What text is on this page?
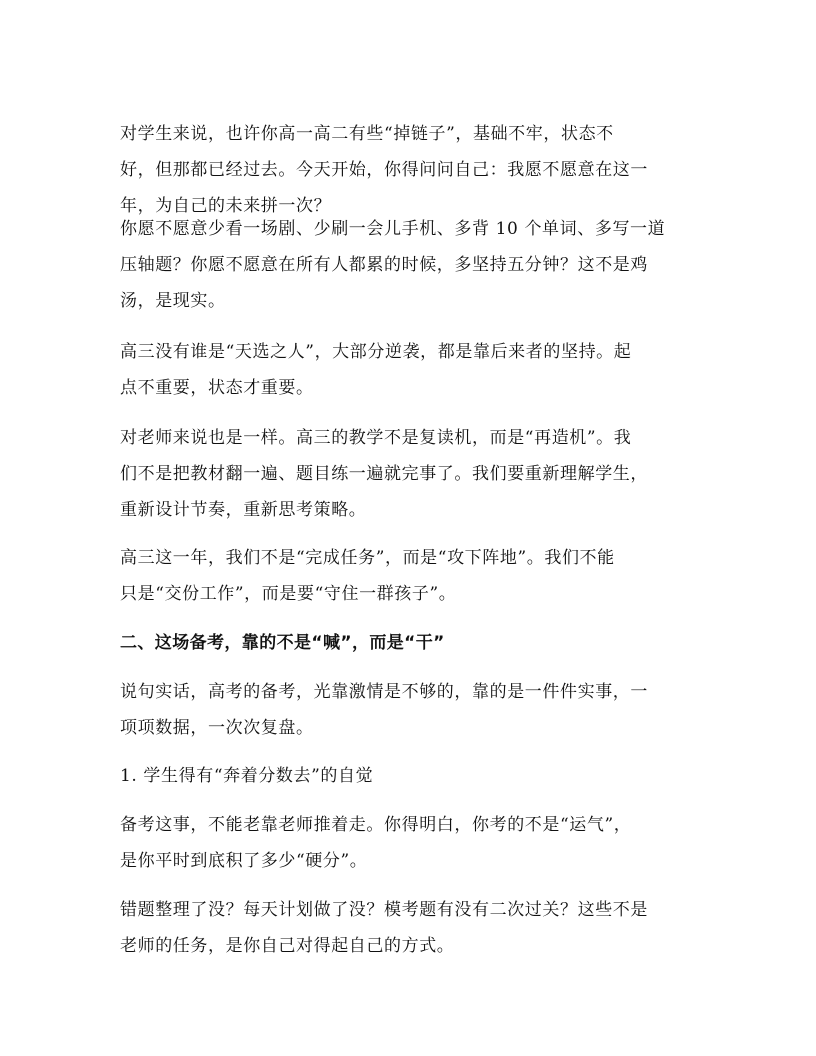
对学生来说，也许你高一高二有些“掉链子”，基础不牢，状态不
好，但那都已经过去。今天开始，你得问问自己：我愿不愿意在这一
年，为自己的未来拼一次？
你愿不愿意少看一场剧、少刷一会儿手机、多背 10 个单词、多写一道
压轴题？你愿不愿意在所有人都累的时候，多坚持五分钟？这不是鸡
汤，是现实。
高三没有谁是“天选之人”，大部分逆袭，都是靠后来者的坚持。起
点不重要，状态才重要。
对老师来说也是一样。高三的教学不是复读机，而是“再造机”。我
们不是把教材翻一遍、题目练一遍就完事了。我们要重新理解学生，
重新设计节奏，重新思考策略。
高三这一年，我们不是“完成任务”，而是“攻下阵地”。我们不能
只是“交份工作”，而是要“守住一群孩子”。
二、这场备考，靠的不是“喊”，而是“干”
说句实话，高考的备考，光靠激情是不够的，靠的是一件件实事，一
项项数据，一次次复盘。
1. 学生得有“奔着分数去”的自觉
备考这事，不能老靠老师推着走。你得明白，你考的不是“运气”，
是你平时到底积了多少“硬分”。
错题整理了没？每天计划做了没？模考题有没有二次过关？这些不是
老师的任务，是你自己对得起自己的方式。
